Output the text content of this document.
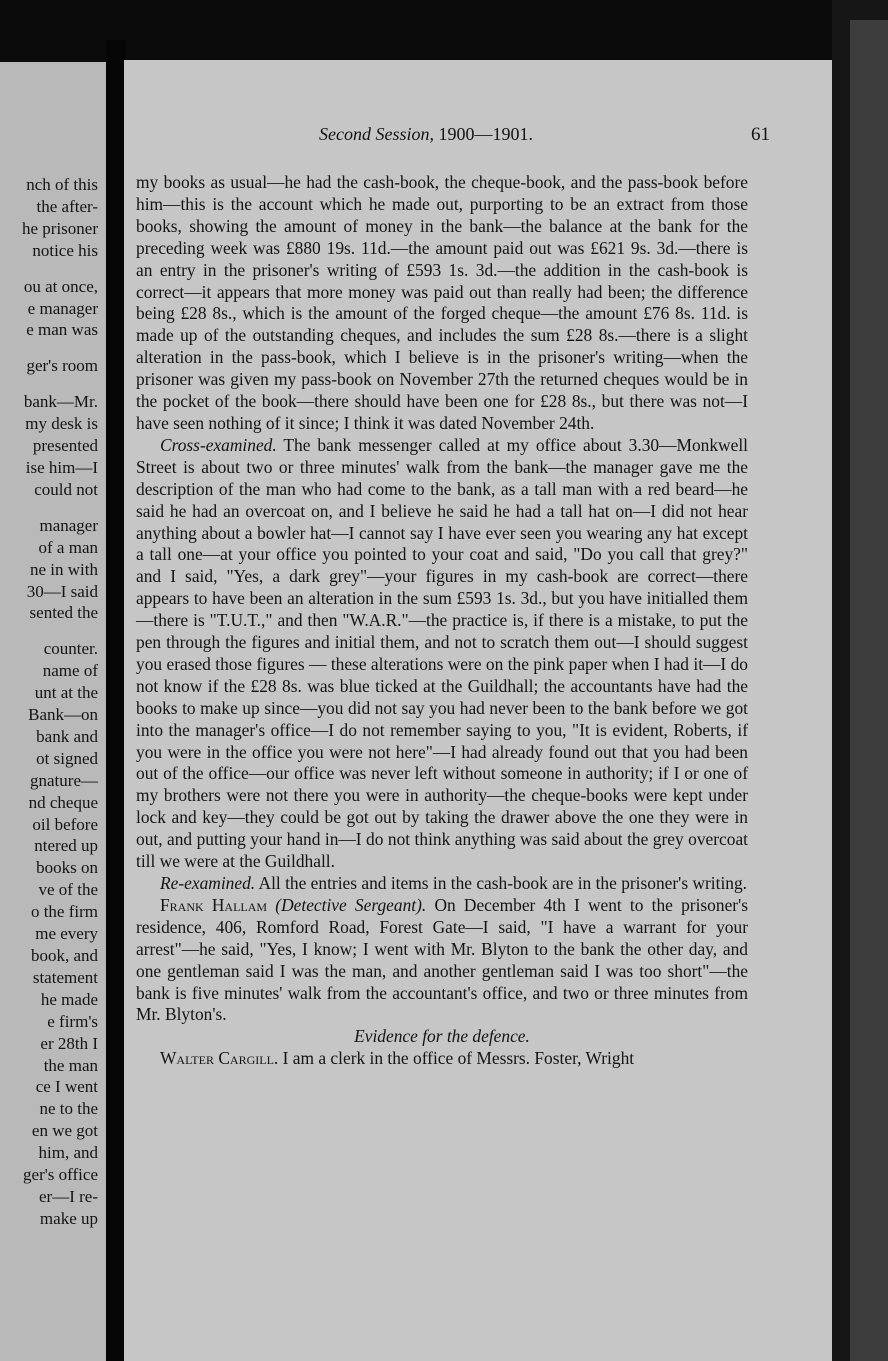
nch of this
the after-
he prisoner
notice his
ou at once,
e manager
e man was
ger's room
bank—Mr.
my desk is
presented
ise him—I
could not
manager
of a man
ne in with
30—I said
sented the
counter.
name of
unt at the
Bank—on
bank and
ot signed
gnature—
nd cheque
oil before
ntered up
books on
ve of the
o the firm
me every
book, and
statement
he made
e firm's
er 28th I
the man
ce I went
ne to the
en we got
him, and
ger's office
er—I re-
make up
Second Session, 1900—1901.	61

my books as usual—he had the cash-book, the cheque-book, and the pass-book before him—this is the account which he made out, purporting to be an extract from those books, showing the amount of money in the bank—the balance at the bank for the preceding week was £880 19s. 11d.—the amount paid out was £621 9s. 3d.—there is an entry in the prisoner's writing of £593 1s. 3d.—the addition in the cash-book is correct—it appears that more money was paid out than really had been; the difference being £28 8s., which is the amount of the forged cheque—the amount £76 8s. 11d. is made up of the outstanding cheques, and includes the sum £28 8s.—there is a slight alteration in the pass-book, which I believe is in the prisoner's writing—when the prisoner was given my pass-book on November 27th the returned cheques would be in the pocket of the book—there should have been one for £28 8s., but there was not—I have seen nothing of it since; I think it was dated November 24th.

Cross-examined. The bank messenger called at my office about 3.30—Monkwell Street is about two or three minutes' walk from the bank—the manager gave me the description of the man who had come to the bank, as a tall man with a red beard—he said he had an overcoat on, and I believe he said he had a tall hat on—I did not hear anything about a bowler hat—I cannot say I have ever seen you wearing any hat except a tall one—at your office you pointed to your coat and said, "Do you call that grey?" and I said, "Yes, a dark grey"—your figures in my cash-book are correct—there appears to have been an alteration in the sum £593 1s. 3d., but you have initialled them—there is "T.U.T.," and then "W.A.R."—the practice is, if there is a mistake, to put the pen through the figures and initial them, and not to scratch them out—I should suggest you erased those figures — these alterations were on the pink paper when I had it—I do not know if the £28 8s. was blue ticked at the Guildhall; the accountants have had the books to make up since—you did not say you had never been to the bank before we got into the manager's office—I do not remember saying to you, "It is evident, Roberts, if you were in the office you were not here"—I had already found out that you had been out of the office—our office was never left without someone in authority; if I or one of my brothers were not there you were in authority—the cheque-books were kept under lock and key—they could be got out by taking the drawer above the one they were in out, and putting your hand in—I do not think anything was said about the grey overcoat till we were at the Guildhall.

Re-examined. All the entries and items in the cash-book are in the prisoner's writing.

Frank Hallam (Detective Sergeant). On December 4th I went to the prisoner's residence, 406, Romford Road, Forest Gate—I said, "I have a warrant for your arrest"—he said, "Yes, I know; I went with Mr. Blyton to the bank the other day, and one gentleman said I was the man, and another gentleman said I was too short"—the bank is five minutes' walk from the accountant's office, and two or three minutes from Mr. Blyton's.

Evidence for the defence.

Walter Cargill. I am a clerk in the office of Messrs. Foster, Wright
